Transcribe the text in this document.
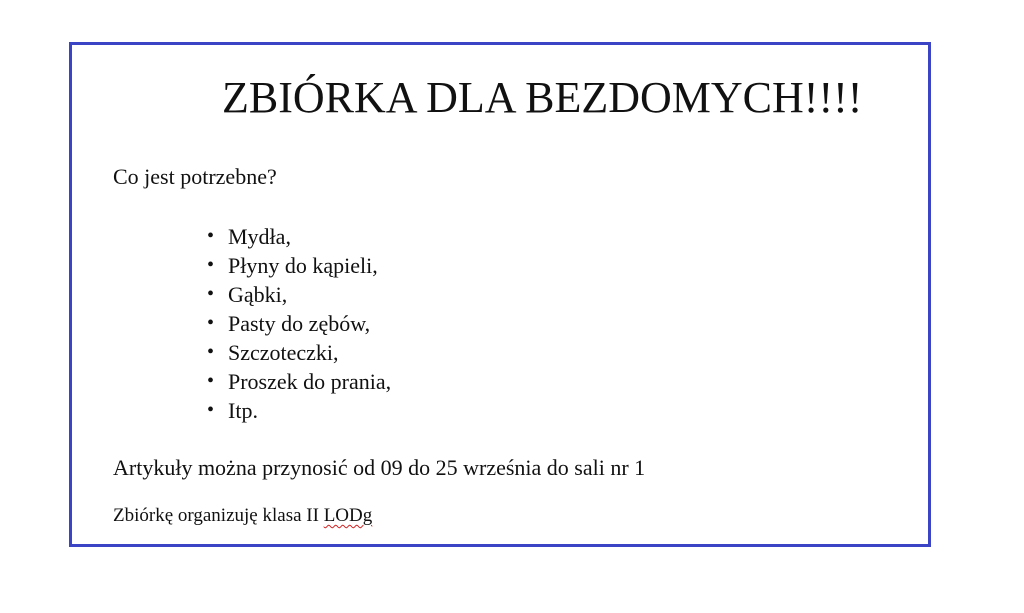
ZBIÓRKA DLA BEZDOMYCH!!!!
Co jest potrzebne?
• Mydła,
• Płyny do kąpieli,
• Gąbki,
• Pasty do zębów,
• Szczoteczki,
• Proszek do prania,
• Itp.
Artykuły można przynosić od 09 do 25 września do sali nr 1
Zbiórkę organizuję klasa II LODg
